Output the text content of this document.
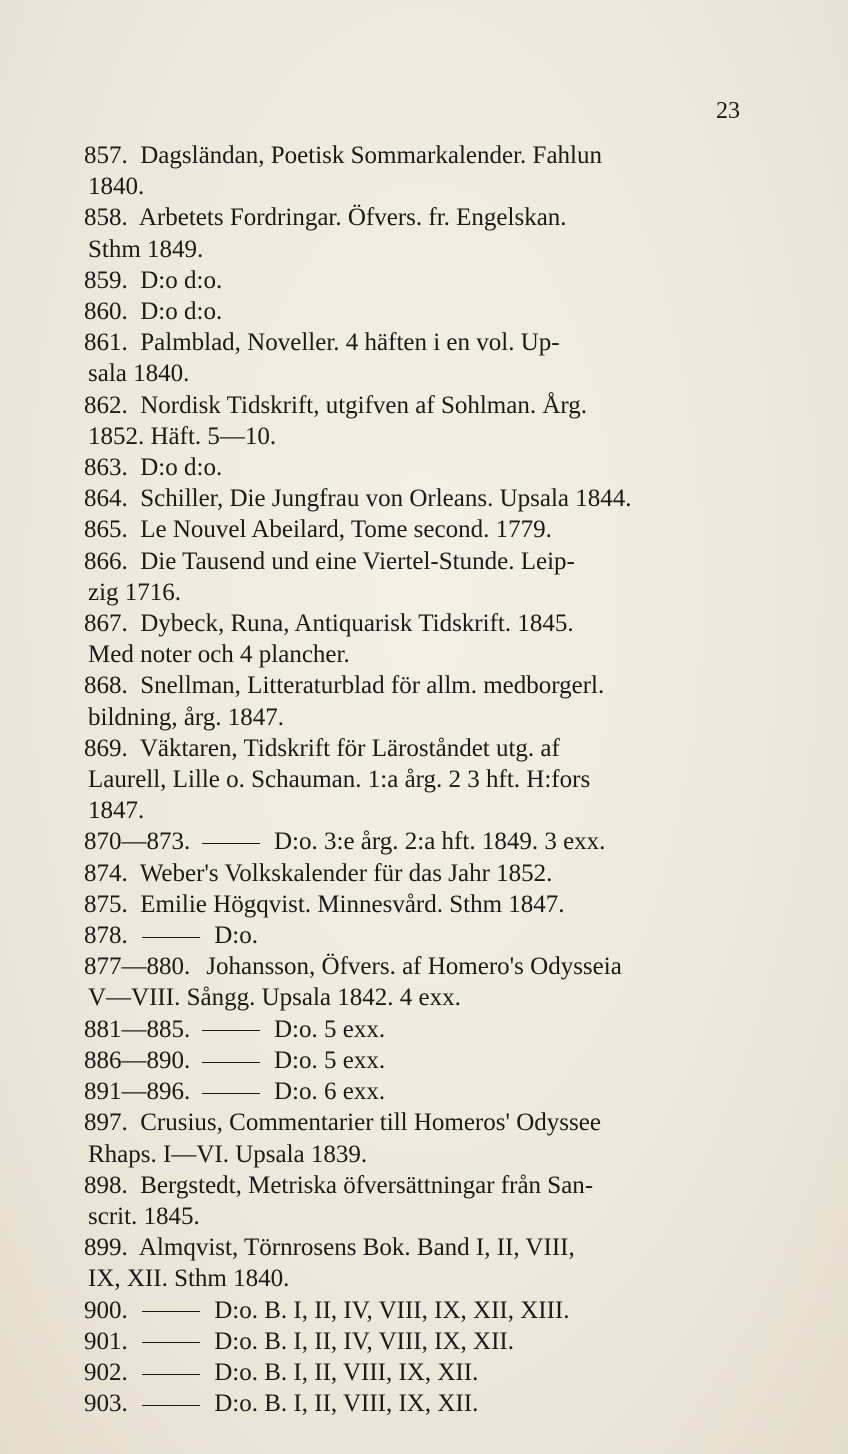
23

857. Dagsländan, Poetisk Sommarkalender. Fahlun
1840.

858. Arbetets Fordringar. Öfvers. fr. Engelskan.
Sthm 1849.

859. D:o d:o.

860. D:o d:o.

861. Palmblad, Noveller. 4 häften i en vol. Up-
sala 1840.

862. Nordisk Tidskrift, utgifven af Sohlman. Årg.
1852. Häft. 5—10.

863. D:o d:o.

864. Schiller, Die Jungfrau von Orleans. Upsala 1844.

865. Le Nouvel Abeilard, Tome second. 1779.

866. Die Tausend und eine Viertel-Stunde. Leip-
zig 1716.

867. Dybeck, Runa, Antiquarisk Tidskrift. 1845.
Med noter och 4 plancher.

868. Snellman, Litteraturblad för allm. medborgerl.
bildning, årg. 1847.

869. Väktaren, Tidskrift för Läroståndet utg. af
Laurell, Lille o. Schauman. 1:a årg. 2 3 hft. H:fors
1847.

870—873.	D:o. 3:e årg. 2:a hft. 1849. 3 exx.

874. Weber's Volkskalender für das Jahr 1852.

875. Emilie Högqvist. Minnesvård. Sthm 1847.

878.	D:o.

877—880. Johansson, Öfvers. af Homero's Odysseia
V—VIII. Sångg. Upsala 1842. 4 exx.

881—885.	D:o. 5 exx.

886—890.	D:o. 5 exx.

891—896.	D:o. 6 exx.

897. Crusius, Commentarier till Homeros' Odyssee
Rhaps. I—VI. Upsala 1839.

898. Bergstedt, Metriska öfversättningar från San-
scrit. 1845.

899. Almqvist, Törnrosens Bok. Band I, II, VIII,
IX, XII. Sthm 1840.

900.	D:o. B. I, II, IV, VIII, IX, XII, XIII.

901.	D:o. B. I, II, IV, VIII, IX, XII.

902.	D:o. B. I, II, VIII, IX, XII.

903.	D:o. B. I, II, VIII, IX, XII.
